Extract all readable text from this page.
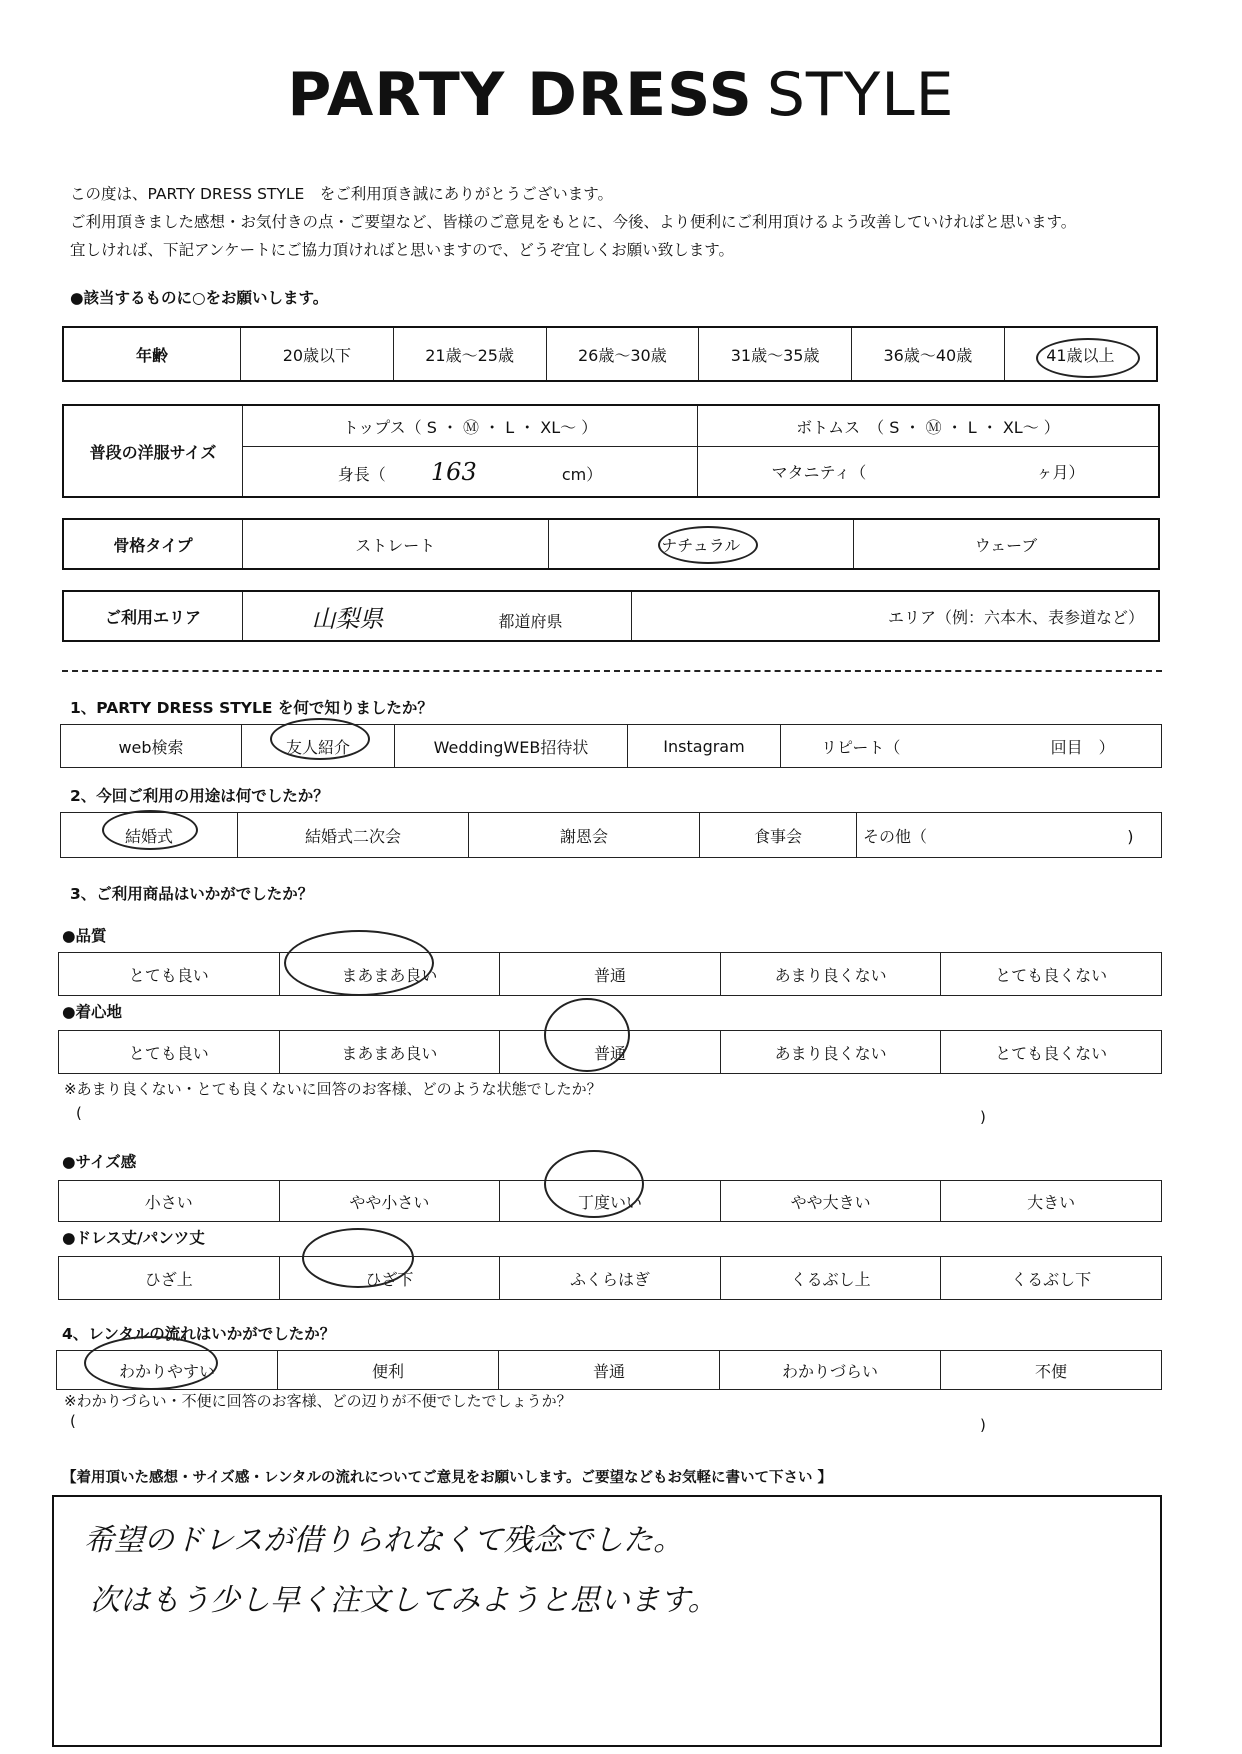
PARTY DRESS STYLE
この度は、PARTY DRESS STYLE　をご利用頂き誠にありがとうございます。
ご利用頂きました感想・お気付きの点・ご要望など、皆様のご意見をもとに、今後、より便利にご利用頂けるよう改善していければと思います。
宜しければ、下記アンケートにご協力頂ければと思いますので、どうぞ宜しくお願い致します。
●該当するものに○をお願いします。
年齢	20歳以下	21歳～25歳	26歳～30歳	31歳～35歳	36歳～40歳	41歳以上
普段の洋服サイズ	トップス（ S ・ Ⓜ ・ L ・ XL～ ）	ボトムス　（ S ・ Ⓜ ・ L ・ XL～ ）
	身長（ 163 cm）	マタニティ（ ヶ月）
骨格タイプ	ストレート	ナチュラル	ウェーブ
ご利用エリア	山梨県	都道府県	エリア（例：六本木、表参道など）
1、PARTY DRESS STYLE を何で知りましたか？
web検索	友人紹介	WeddingWEB招待状	Instagram	リピート（	回目　）
2、今回ご利用の用途は何でしたか？
結婚式	結婚式二次会	謝恩会	食事会	その他（	)
3、ご利用商品はいかがでしたか？
●品質
とても良い	まあまあ良い	普通	あまり良くない	とても良くない
●着心地
とても良い	まあまあ良い	普通	あまり良くない	とても良くない
※あまり良くない・とても良くないに回答のお客様、どのような状態でしたか？
(	)
●サイズ感
小さい	やや小さい	丁度いい	やや大きい	大きい
●ドレス丈/パンツ丈
ひざ上	ひざ下	ふくらはぎ	くるぶし上	くるぶし下
4、レンタルの流れはいかがでしたか？
わかりやすい	便利	普通	わかりづらい	不便
※わかりづらい・不便に回答のお客様、どの辺りが不便でしたでしょうか？
(	)
【着用頂いた感想・サイズ感・レンタルの流れについてご意見をお願いします。ご要望などもお気軽に書いて下さい 】
希望のドレスが借りられなくて残念でした。
次はもう少し早く注文してみようと思います。
